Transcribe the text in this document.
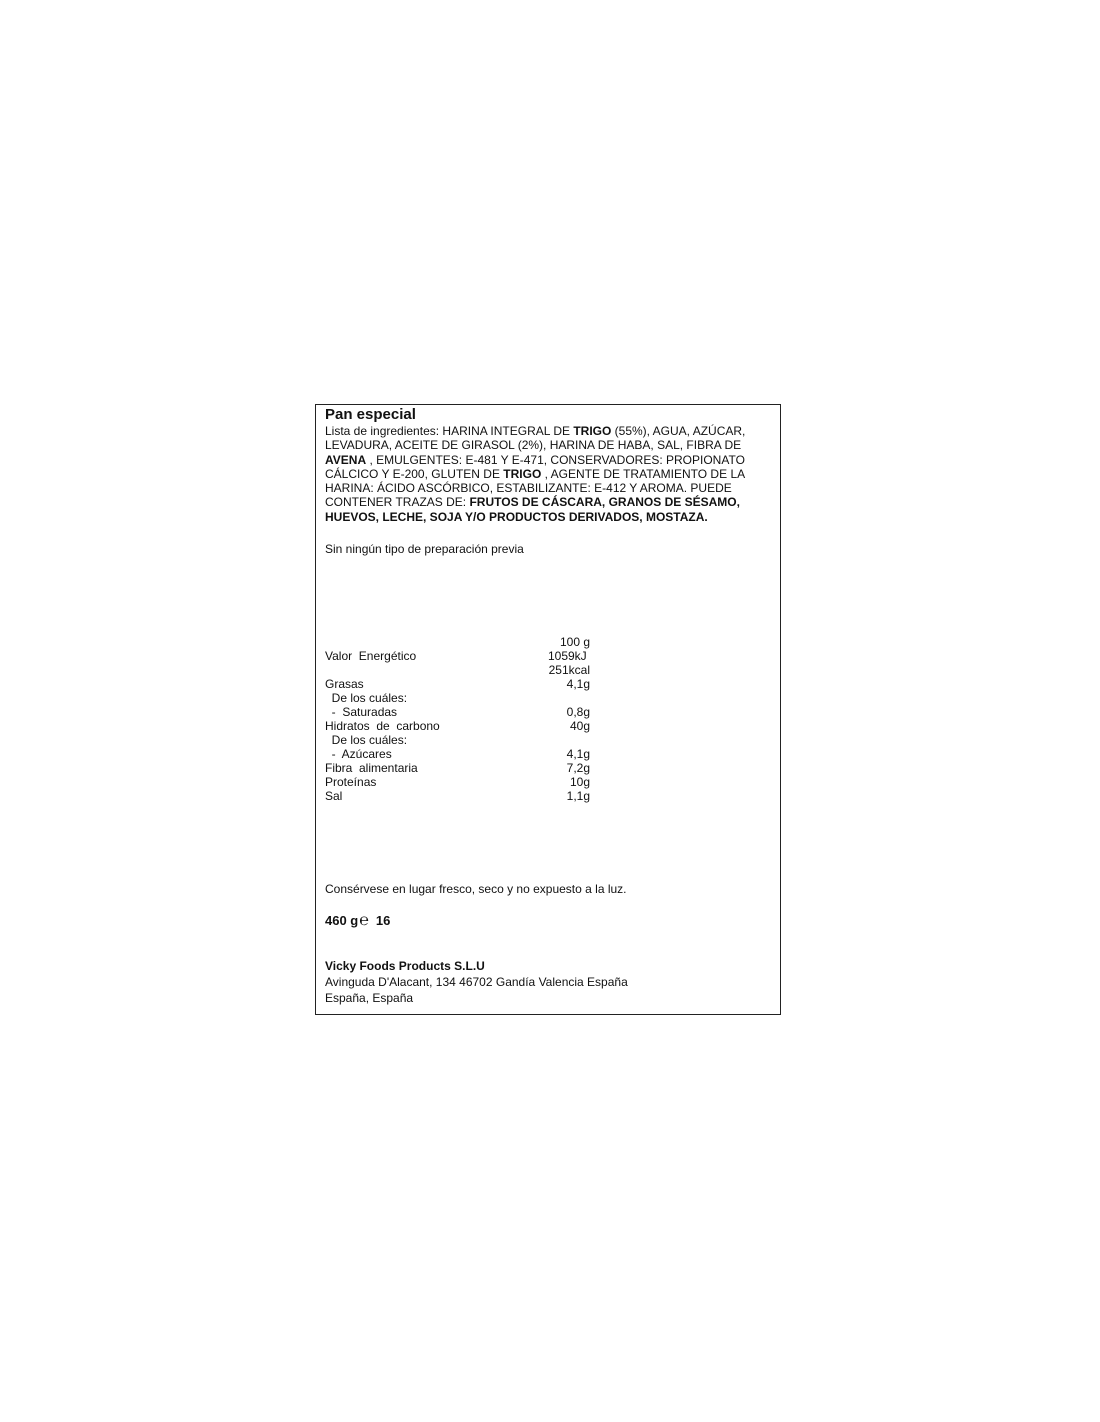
Pan especial
Lista de ingredientes: HARINA INTEGRAL DE TRIGO (55%), AGUA, AZÚCAR,
LEVADURA, ACEITE DE GIRASOL (2%), HARINA DE HABA, SAL, FIBRA DE
AVENA , EMULGENTES: E-481 Y E-471, CONSERVADORES: PROPIONATO
CÁLCICO Y E-200, GLUTEN DE TRIGO , AGENTE DE TRATAMIENTO DE LA
HARINA: ÁCIDO ASCÓRBICO, ESTABILIZANTE: E-412 Y AROMA. PUEDE
CONTENER TRAZAS DE: FRUTOS DE CÁSCARA, GRANOS DE SÉSAMO,
HUEVOS, LECHE, SOJA Y/O PRODUCTOS DERIVADOS, MOSTAZA.
Sin ningún tipo de preparación previa
100 g
Valor  Energético	1059kJ
251kcal
Grasas	4,1g
De los cuáles:
-  Saturadas	0,8g
Hidratos  de  carbono	40g
De los cuáles:
-  Azúcares	4,1g
Fibra  alimentaria	7,2g
Proteínas	10g
Sal	1,1g
Consérvese en lugar fresco, seco y no expuesto a la luz.
460 g ℮ 16
Vicky Foods Products S.L.U
Avinguda D'Alacant, 134 46702 Gandía Valencia España
España, España
